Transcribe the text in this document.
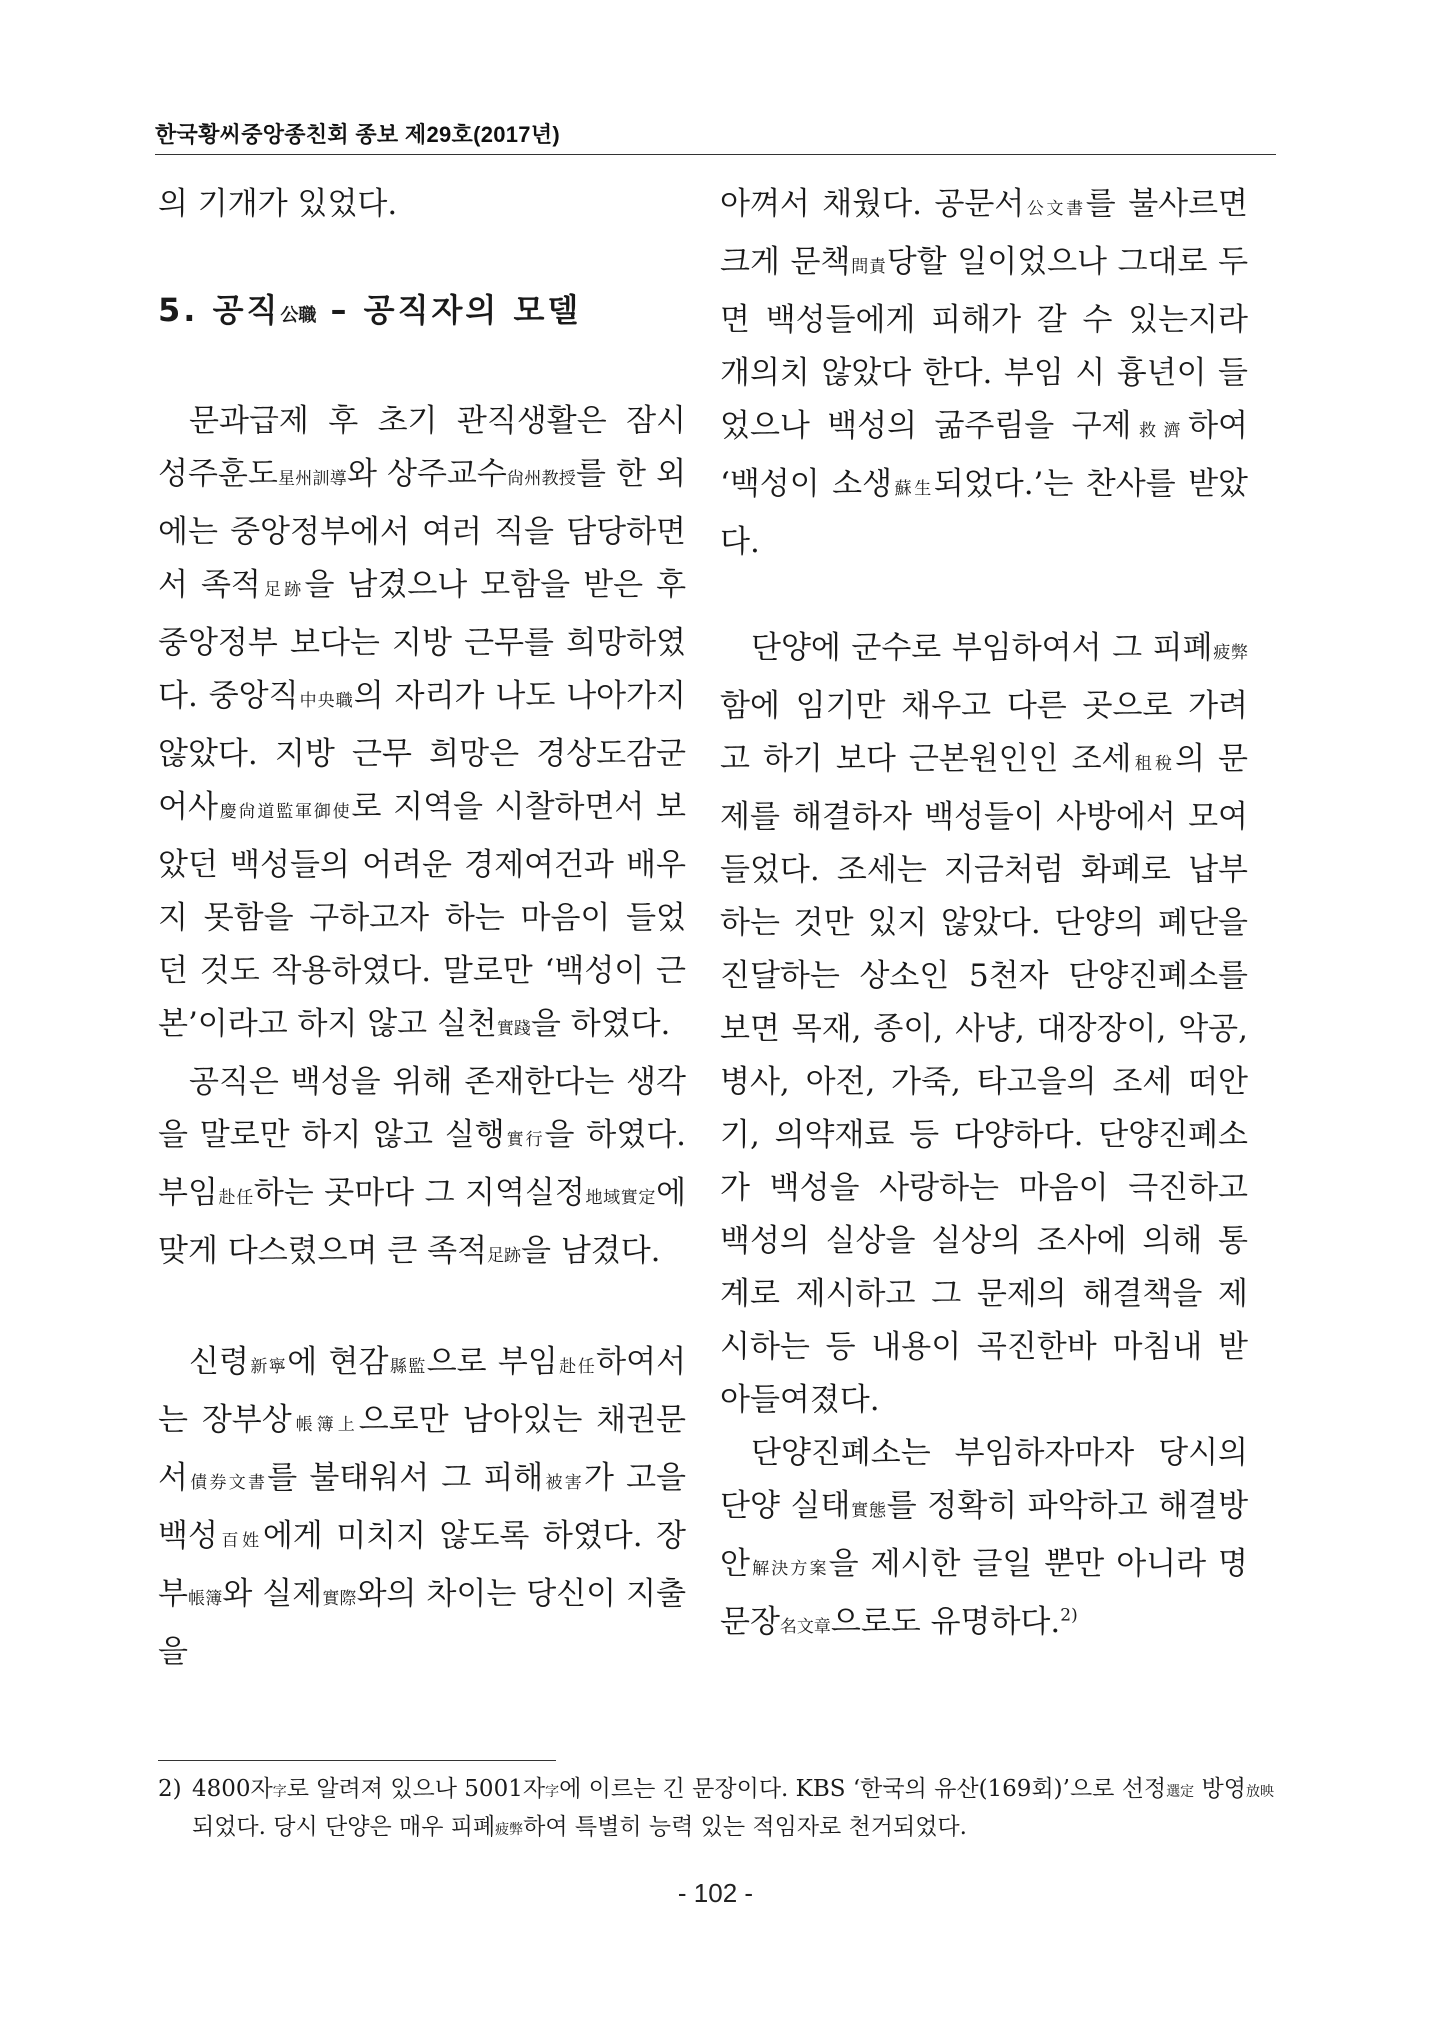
한국황씨중앙종친회 종보 제29호(2017년)

의 기개가 있었다.

5. 공직公職 – 공직자의 모델

문과급제 후 초기 관직생활은 잠시 성주훈도星州訓導와 상주교수尙州教授를 한 외에는 중앙정부에서 여러 직을 담당하면서 족적足跡을 남겼으나 모함을 받은 후 중앙정부 보다는 지방 근무를 희망하였다. 중앙직中央職의 자리가 나도 나아가지 않았다. 지방 근무 희망은 경상도감군어사慶尙道監軍御使로 지역을 시찰하면서 보았던 백성들의 어려운 경제여건과 배우지 못함을 구하고자 하는 마음이 들었던 것도 작용하였다. 말로만 ‘백성이 근본’이라고 하지 않고 실천實踐을 하였다.

공직은 백성을 위해 존재한다는 생각을 말로만 하지 않고 실행實行을 하였다. 부임赴任하는 곳마다 그 지역실정地域實定에 맞게 다스렸으며 큰 족적足跡을 남겼다.

신령新寧에 현감縣監으로 부임赴任하여서는 장부상帳簿上으로만 남아있는 채권문서債券文書를 불태워서 그 피해被害가 고을 백성百姓에게 미치지 않도록 하였다. 장부帳簿와 실제實際와의 차이는 당신이 지출을

아껴서 채웠다. 공문서公文書를 불사르면 크게 문책問責당할 일이었으나 그대로 두면 백성들에게 피해가 갈 수 있는지라 개의치 않았다 한다. 부임 시 흉년이 들었으나 백성의 굶주림을 구제救濟하여 ‘백성이 소생蘇生되었다.’는 찬사를 받았다.

단양에 군수로 부임하여서 그 피폐疲弊함에 임기만 채우고 다른 곳으로 가려고 하기 보다 근본원인인 조세租稅의 문제를 해결하자 백성들이 사방에서 모여들었다. 조세는 지금처럼 화폐로 납부하는 것만 있지 않았다. 단양의 폐단을 진달하는 상소인 5천자 단양진폐소를 보면 목재, 종이, 사냥, 대장장이, 악공, 병사, 아전, 가죽, 타고을의 조세 떠안기, 의약재료 등 다양하다. 단양진폐소가 백성을 사랑하는 마음이 극진하고 백성의 실상을 실상의 조사에 의해 통계로 제시하고 그 문제의 해결책을 제시하는 등 내용이 곡진한바 마침내 받아들여졌다.

단양진폐소는 부임하자마자 당시의 단양 실태實態를 정확히 파악하고 해결방안解決方案을 제시한 글일 뿐만 아니라 명문장名文章으로도 유명하다.$^{2)}$

2) 4800자字로 알려져 있으나 5001자字에 이르는 긴 문장이다. KBS ‘한국의 유산(169회)’으로 선정選定 방영放映되었다. 당시 단양은 매우 피폐疲弊하여 특별히 능력 있는 적임자로 천거되었다.
- 102 -
